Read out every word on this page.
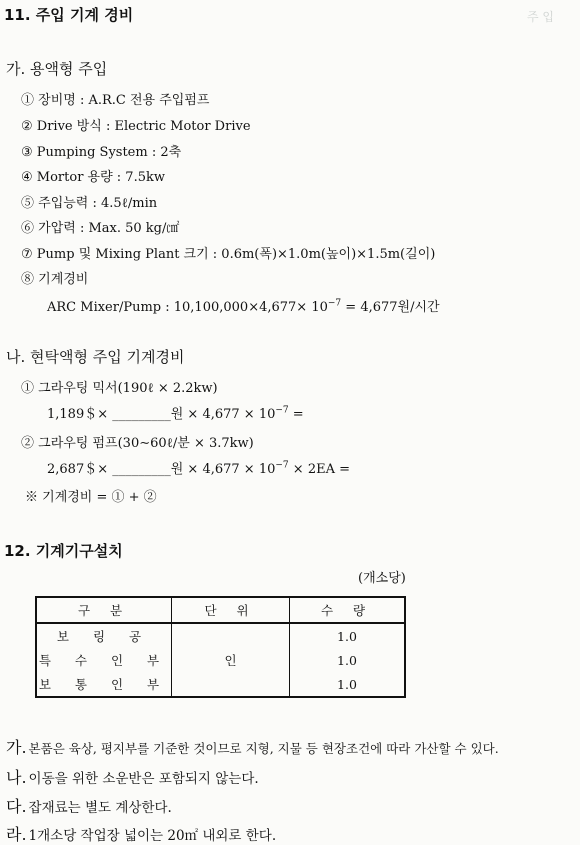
주 입
11. 주입 기계 경비
가. 용액형 주입
① 장비명 : A.R.C 전용 주입펌프
② Drive 방식 : Electric Motor Drive
③ Pumping System : 2축
④ Mortor 용량 : 7.5kw
⑤ 주입능력 : 4.5ℓ/min
⑥ 가압력 : Max. 50 kg/㎠
⑦ Pump 및 Mixing Plant 크기 : 0.6m(폭)×1.0m(높이)×1.5m(길이)
⑧ 기계경비
ARC Mixer/Pump : $10,100,000\times 4,677\times 10^{-7} = 4,677$원/시간
나. 현탁액형 주입 기계경비
① 그라우팅 믹서(190ℓ × 2.2kw)
1,189＄× _________원 × $4,677 \times 10^{-7}$ =
② 그라우팅 펌프(30∼60ℓ/분 × 3.7kw)
2,687＄× _________원 × $4,677 \times 10^{-7} \times 2EA$ =
※ 기계경비 = ① + ②
12. 기계기구설치
(개소당)
구 분	단 위	수 량
보 링 공		1.0
특 수 인 부	인	1.0
보 통 인 부		1.0
가. 본품은 육상, 평지부를 기준한 것이므로 지형, 지물 등 현장조건에 따라 가산할 수 있다.
나. 이동을 위한 소운반은 포함되지 않는다.
다. 잡재료는 별도 계상한다.
라. 1개소당 작업장 넓이는 20㎡ 내외로 한다.
